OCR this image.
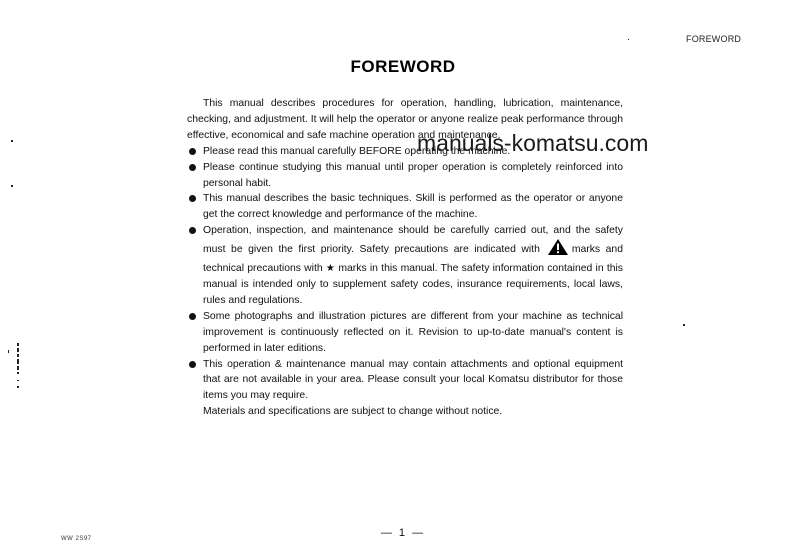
FOREWORD
FOREWORD

This manual describes procedures for operation, handling, lubrication, maintenance, checking, and adjustment. It will help the operator or anyone realize peak performance through effective, economical and safe machine operation and maintenance.

Please read this manual carefully BEFORE operating the machine.
Please continue studying this manual until proper operation is completely reinforced into personal habit.
This manual describes the basic techniques. Skill is performed as the operator or anyone get the correct knowledge and performance of the machine.
Operation, inspection, and maintenance should be carefully carried out, and the safety must be given the first priority. Safety precautions are indicated with	marks and technical precautions with ★ marks in this manual. The safety information contained in this manual is intended only to supplement safety codes, insurance requirements, local laws, rules and regulations.
Some photographs and illustration pictures are different from your machine as technical improvement is continuously reflected on it. Revision to up-to-date manual's content is performed in later editions.
This operation & maintenance manual may contain attachments and optional equipment that are not available in your area. Please consult your local Komatsu distributor for those items you may require.

Materials and specifications are subject to change without notice.

manuals-komatsu.com
— 1 —
WW 2S97
